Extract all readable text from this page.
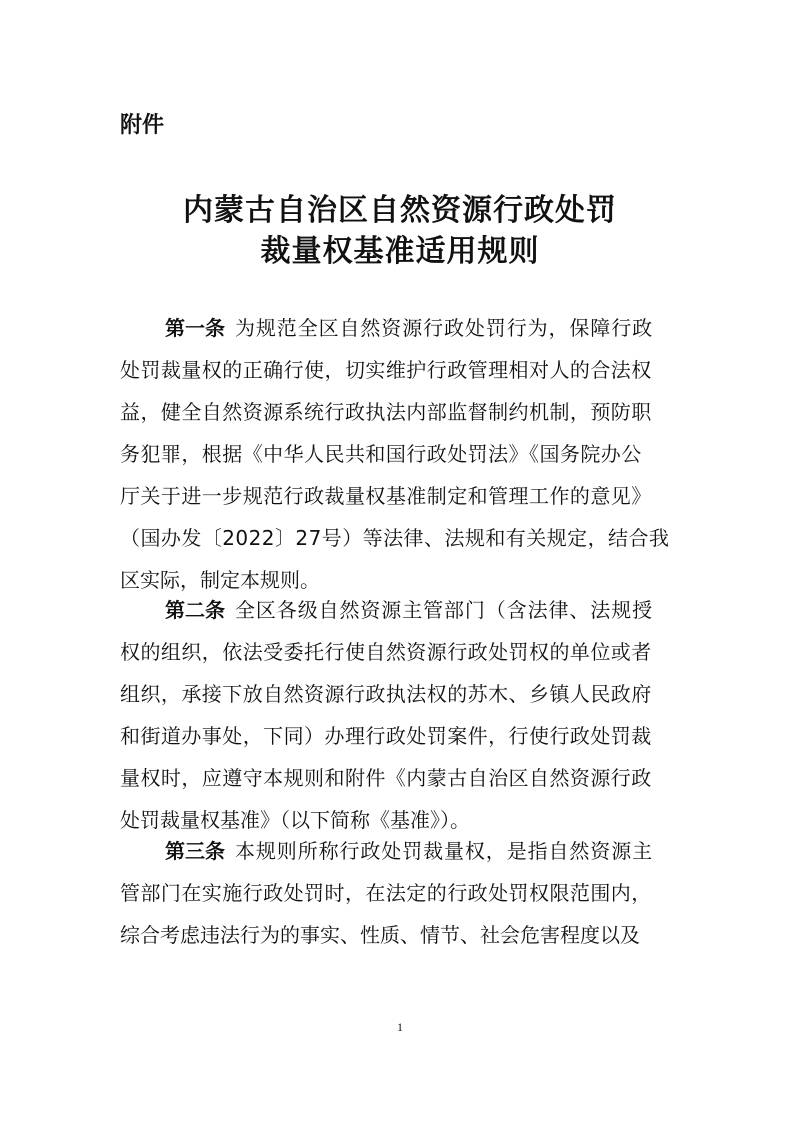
附件
内蒙古自治区自然资源行政处罚
裁量权基准适用规则
第一条 为规范全区自然资源行政处罚行为，保障行政
处罚裁量权的正确行使，切实维护行政管理相对人的合法权
益，健全自然资源系统行政执法内部监督制约机制，预防职
务犯罪，根据《中华人民共和国行政处罚法》《国务院办公
厅关于进一步规范行政裁量权基准制定和管理工作的意见》
（国办发〔2022〕27号）等法律、法规和有关规定，结合我
区实际，制定本规则。
第二条 全区各级自然资源主管部门（含法律、法规授
权的组织，依法受委托行使自然资源行政处罚权的单位或者
组织，承接下放自然资源行政执法权的苏木、乡镇人民政府
和街道办事处，下同）办理行政处罚案件，行使行政处罚裁
量权时，应遵守本规则和附件《内蒙古自治区自然资源行政
处罚裁量权基准》（以下简称《基准》）。
第三条 本规则所称行政处罚裁量权，是指自然资源主
管部门在实施行政处罚时，在法定的行政处罚权限范围内，
综合考虑违法行为的事实、性质、情节、社会危害程度以及
1
